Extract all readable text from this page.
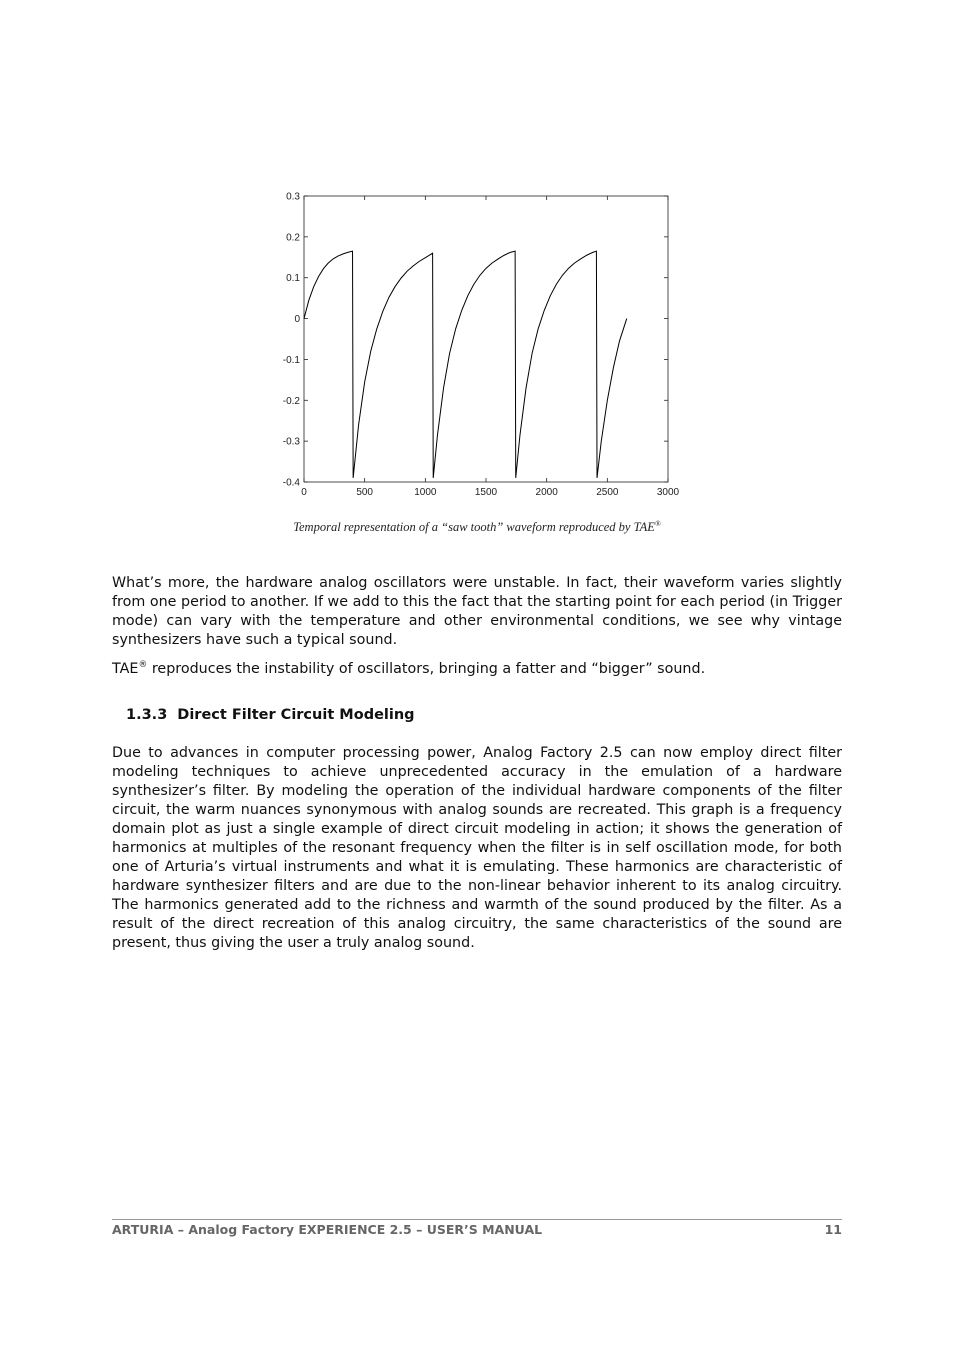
0.3
0.2
0.1
0
-0.1
-0.2
-0.3
-0.4
0	500	1000	1500	2000	2500	3000
Temporal representation of a “saw tooth” waveform reproduced by TAE®

What’s more, the hardware analog oscillators were unstable. In fact, their waveform varies slightly from one period to another. If we add to this the fact that the starting point for each period (in Trigger mode) can vary with the temperature and other environmental conditions, we see why vintage synthesizers have such a typical sound.

TAE® reproduces the instability of oscillators, bringing a fatter and “bigger” sound.

1.3.3 Direct Filter Circuit Modeling

Due to advances in computer processing power, Analog Factory 2.5 can now employ direct filter modeling techniques to achieve unprecedented accuracy in the emulation of a hardware synthesizer’s filter. By modeling the operation of the individual hardware components of the filter circuit, the warm nuances synonymous with analog sounds are recreated. This graph is a frequency domain plot as just a single example of direct circuit modeling in action; it shows the generation of harmonics at multiples of the resonant frequency when the filter is in self oscillation mode, for both one of Arturia’s virtual instruments and what it is emulating. These harmonics are characteristic of hardware synthesizer filters and are due to the non-linear behavior inherent to its analog circuitry. The harmonics generated add to the richness and warmth of the sound produced by the filter. As a result of the direct recreation of this analog circuitry, the same characteristics of the sound are present, thus giving the user a truly analog sound.

ARTURIA – Analog Factory EXPERIENCE 2.5 – USER’S MANUAL	11
